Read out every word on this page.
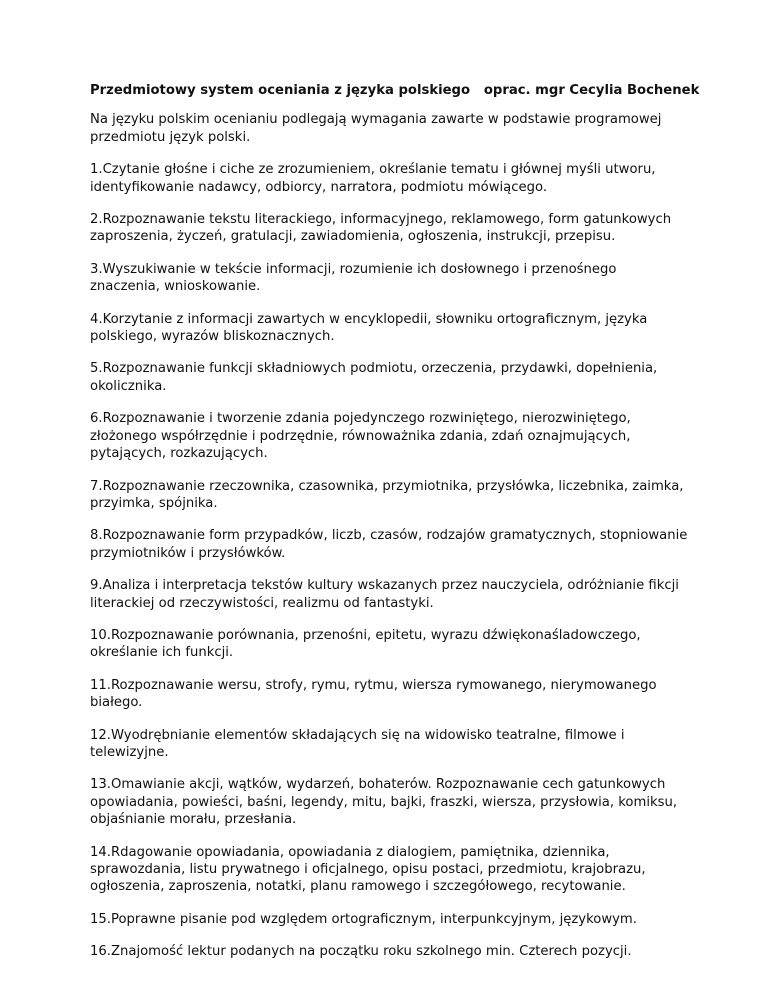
Przedmiotowy system oceniania z języka polskiego   oprac. mgr Cecylia Bochenek
Na języku polskim ocenianiu podlegają wymagania zawarte w podstawie programowej przedmiotu język polski.
1.Czytanie głośne i ciche ze zrozumieniem, określanie tematu i głównej myśli utworu, identyfikowanie nadawcy, odbiorcy, narratora, podmiotu mówiącego.
2.Rozpoznawanie tekstu literackiego, informacyjnego, reklamowego, form gatunkowych zaproszenia, życzeń, gratulacji, zawiadomienia, ogłoszenia, instrukcji, przepisu.
3.Wyszukiwanie w tekście informacji, rozumienie ich dosłownego i przenośnego znaczenia, wnioskowanie.
4.Korzytanie z informacji zawartych w encyklopedii, słowniku ortograficznym, języka polskiego, wyrazów bliskoznacznych.
5.Rozpoznawanie funkcji składniowych podmiotu, orzeczenia, przydawki, dopełnienia, okolicznika.
6.Rozpoznawanie i tworzenie zdania pojedynczego rozwiniętego, nierozwiniętego, złożonego współrzędnie i podrzędnie, równoważnika zdania, zdań oznajmujących, pytających, rozkazujących.
7.Rozpoznawanie rzeczownika, czasownika, przymiotnika, przysłówka, liczebnika, zaimka, przyimka, spójnika.
8.Rozpoznawanie form przypadków, liczb, czasów, rodzajów gramatycznych, stopniowanie przymiotników i przysłówków.
9.Analiza i interpretacja tekstów kultury wskazanych przez nauczyciela, odróżnianie fikcji literackiej od rzeczywistości, realizmu od fantastyki.
10.Rozpoznawanie porównania, przenośni, epitetu, wyrazu dźwiękonaśladowczego, określanie ich funkcji.
11.Rozpoznawanie wersu, strofy, rymu, rytmu, wiersza rymowanego, nierymowanego białego.
12.Wyodrębnianie elementów składających się na widowisko teatralne, filmowe i telewizyjne.
13.Omawianie akcji, wątków, wydarzeń, bohaterów. Rozpoznawanie cech gatunkowych opowiadania, powieści, baśni, legendy, mitu, bajki, fraszki, wiersza, przysłowia, komiksu, objaśnianie morału, przesłania.
14.Rdagowanie opowiadania, opowiadania z dialogiem, pamiętnika, dziennika, sprawozdania, listu prywatnego i oficjalnego, opisu postaci, przedmiotu, krajobrazu, ogłoszenia, zaproszenia, notatki, planu ramowego i szczegółowego, recytowanie.
15.Poprawne pisanie pod względem ortograficznym, interpunkcyjnym, językowym.
16.Znajomość lektur podanych na początku roku szkolnego min. Czterech pozycji.
